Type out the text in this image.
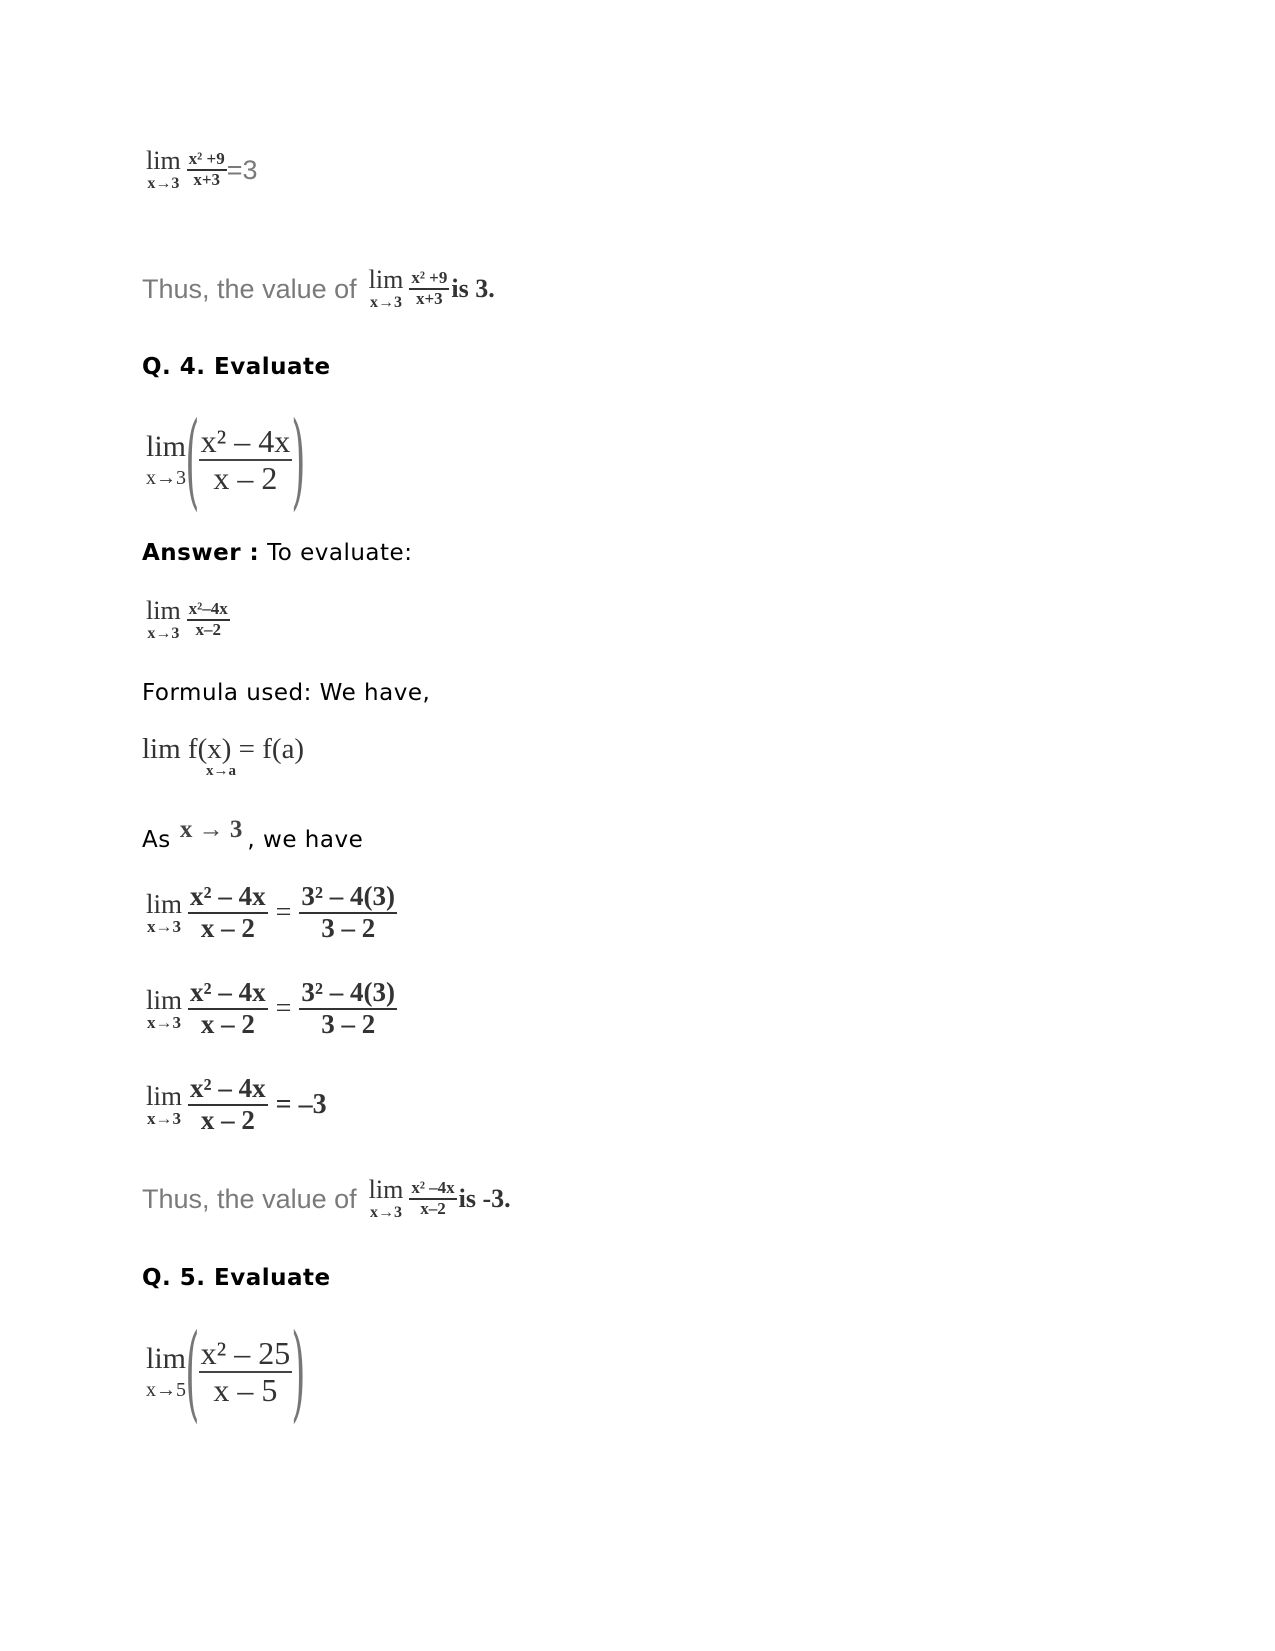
lim
$x\to 3 \frac{\text{x² +9}}{x+3} =3$
Thus, the value of lim
$x\to 3 \frac{\text{x² +9}}{x+3}$ is 3.
Q. 4. Evaluate
lim
x→3 ( $\frac{\text{x² – 4x}}{x - 2}$ )
Answer : To evaluate:
lim
$x\to 3 \frac{\text{x²–4x}}{x-2}$
Formula used: We have,
lim f(x) = f(a)
x→a
As x → 3 , we have
lim
$x\to 3 \frac{\text{x² – 4x}}{x - 2} = \frac{\text{3² – 4(3)}}{3 - 2}$
lim
$x\to 3 \frac{\text{x² – 4x}}{x - 2} = \frac{\text{3² – 4(3)}}{3 - 2}$
lim
$x\to 3 \frac{\text{x² – 4x}}{x - 2} = -3$
Thus, the value of lim
$x\to 3 \frac{\text{x² –4x}}{x-2}$ is -3.
Q. 5. Evaluate
lim
x→5 ( $\frac{\text{x² – 25}}{x - 5}$ )
